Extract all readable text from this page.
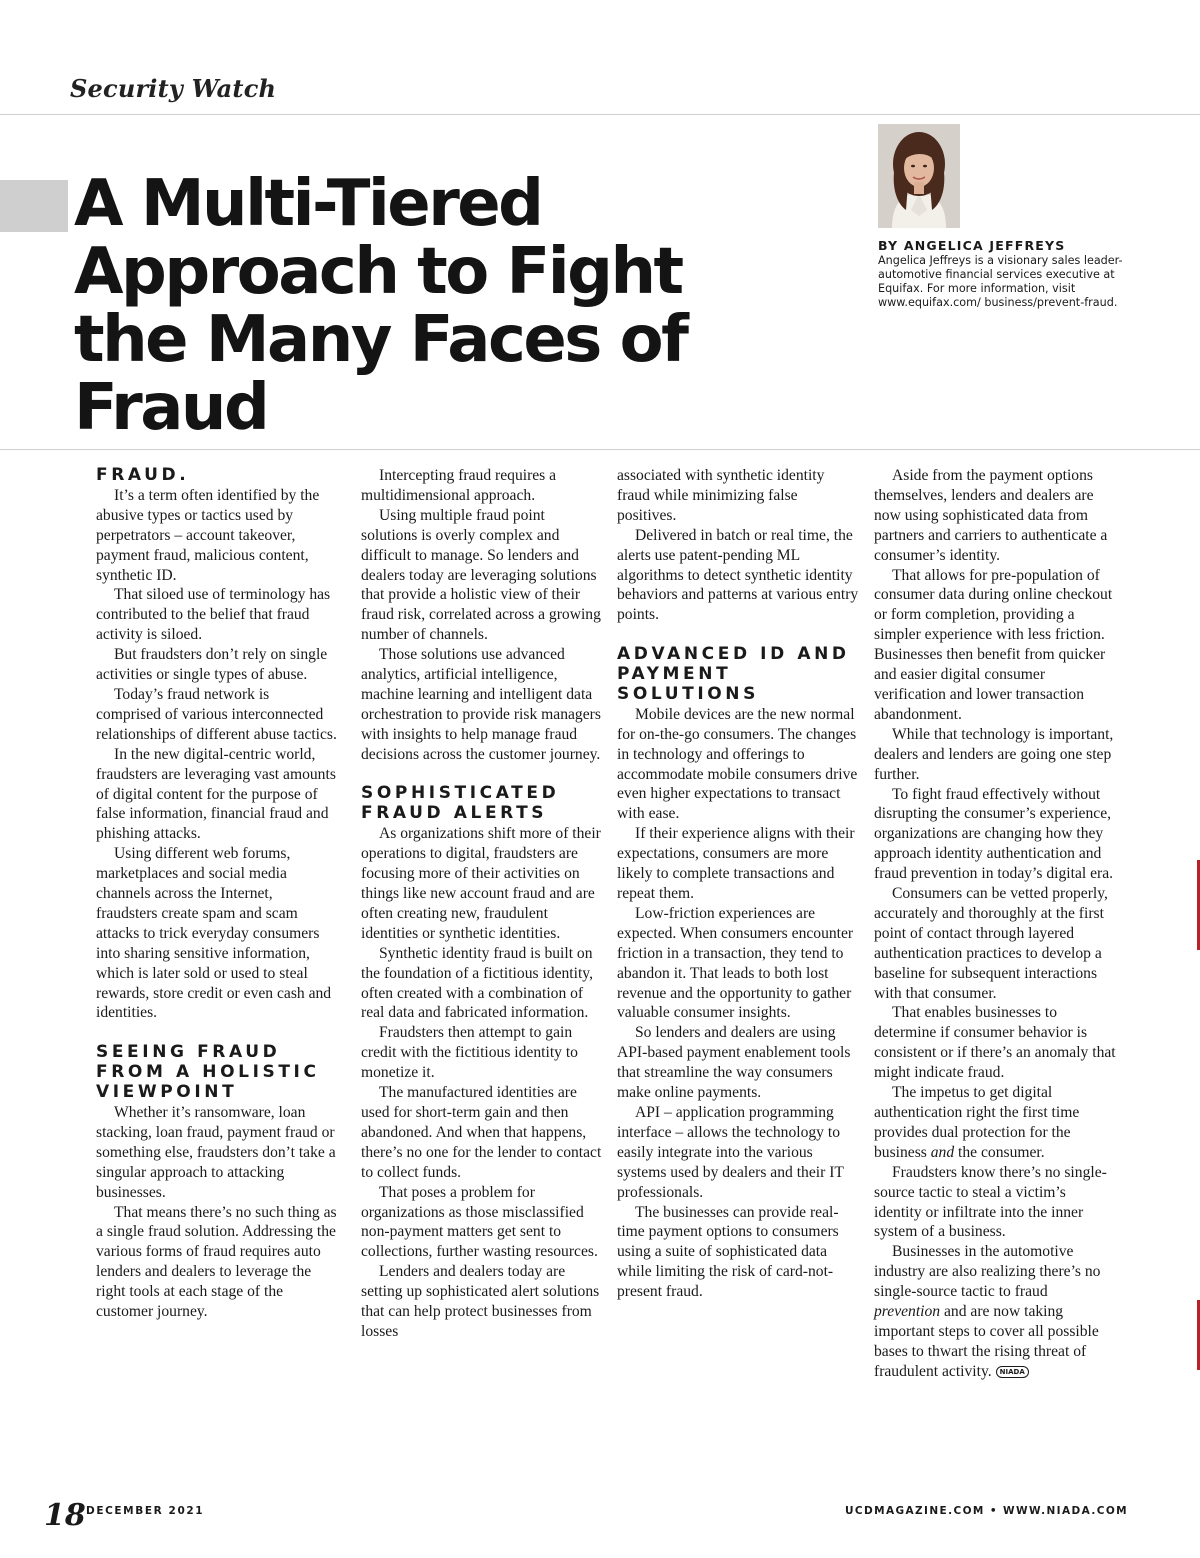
Security Watch
A Multi-Tiered Approach to Fight the Many Faces of Fraud
BY ANGELICA JEFFREYS
Angelica Jeffreys is a visionary sales leader-automotive financial services executive at Equifax. For more information, visit www.equifax.com/ business/prevent-fraud.
FRAUD.

It’s a term often identified by the abusive types or tactics used by perpetrators – account takeover, payment fraud, malicious content, synthetic ID.

That siloed use of terminology has contributed to the belief that fraud activity is siloed.

But fraudsters don’t rely on single activities or single types of abuse.

Today’s fraud network is comprised of various interconnected relationships of different abuse tactics.

In the new digital-centric world, fraudsters are leveraging vast amounts of digital content for the purpose of false information, financial fraud and phishing attacks.

Using different web forums, marketplaces and social media channels across the Internet, fraudsters create spam and scam attacks to trick everyday consumers into sharing sensitive information, which is later sold or used to steal rewards, store credit or even cash and identities.

SEEING FRAUD FROM A HOLISTIC VIEWPOINT

Whether it’s ransomware, loan stacking, loan fraud, payment fraud or something else, fraudsters don’t take a singular approach to attacking businesses.

That means there’s no such thing as a single fraud solution. Addressing the various forms of fraud requires auto lenders and dealers to leverage the right tools at each stage of the customer journey.

Intercepting fraud requires a multidimensional approach.

Using multiple fraud point solutions is overly complex and difficult to manage. So lenders and dealers today are leveraging solutions that provide a holistic view of their fraud risk, correlated across a growing number of channels.

Those solutions use advanced analytics, artificial intelligence, machine learning and intelligent data orchestration to provide risk managers with insights to help manage fraud decisions across the customer journey.

SOPHISTICATED FRAUD ALERTS

As organizations shift more of their operations to digital, fraudsters are focusing more of their activities on things like new account fraud and are often creating new, fraudulent identities or synthetic identities.

Synthetic identity fraud is built on the foundation of a fictitious identity, often created with a combination of real data and fabricated information.

Fraudsters then attempt to gain credit with the fictitious identity to monetize it.

The manufactured identities are used for short-term gain and then abandoned. And when that happens, there’s no one for the lender to contact to collect funds.

That poses a problem for organizations as those misclassified non-payment matters get sent to collections, further wasting resources.

Lenders and dealers today are setting up sophisticated alert solutions that can help protect businesses from losses

associated with synthetic identity fraud while minimizing false positives.

Delivered in batch or real time, the alerts use patent-pending ML algorithms to detect synthetic identity behaviors and patterns at various entry points.

ADVANCED ID AND PAYMENT SOLUTIONS

Mobile devices are the new normal for on-the-go consumers. The changes in technology and offerings to accommodate mobile consumers drive even higher expectations to transact with ease.

If their experience aligns with their expectations, consumers are more likely to complete transactions and repeat them.

Low-friction experiences are expected. When consumers encounter friction in a transaction, they tend to abandon it. That leads to both lost revenue and the opportunity to gather valuable consumer insights.

So lenders and dealers are using API-based payment enablement tools that streamline the way consumers make online payments.

API – application programming interface – allows the technology to easily integrate into the various systems used by dealers and their IT professionals.

The businesses can provide real-time payment options to consumers using a suite of sophisticated data while limiting the risk of card-not-present fraud.

Aside from the payment options themselves, lenders and dealers are now using sophisticated data from partners and carriers to authenticate a consumer’s identity.

That allows for pre-population of consumer data during online checkout or form completion, providing a simpler experience with less friction. Businesses then benefit from quicker and easier digital consumer verification and lower transaction abandonment.

While that technology is important, dealers and lenders are going one step further.

To fight fraud effectively without disrupting the consumer’s experience, organizations are changing how they approach identity authentication and fraud prevention in today’s digital era.

Consumers can be vetted properly, accurately and thoroughly at the first point of contact through layered authentication practices to develop a baseline for subsequent interactions with that consumer.

That enables businesses to determine if consumer behavior is consistent or if there’s an anomaly that might indicate fraud.

The impetus to get digital authentication right the first time provides dual protection for the business and the consumer.

Fraudsters know there’s no single-source tactic to steal a victim’s identity or infiltrate into the inner system of a business.

Businesses in the automotive industry are also realizing there’s no single-source tactic to fraud prevention and are now taking important steps to cover all possible bases to thwart the rising threat of fraudulent activity. NIADA

18 DECEMBER 2021	UCDMAGAZINE.COM • WWW.NIADA.COM
